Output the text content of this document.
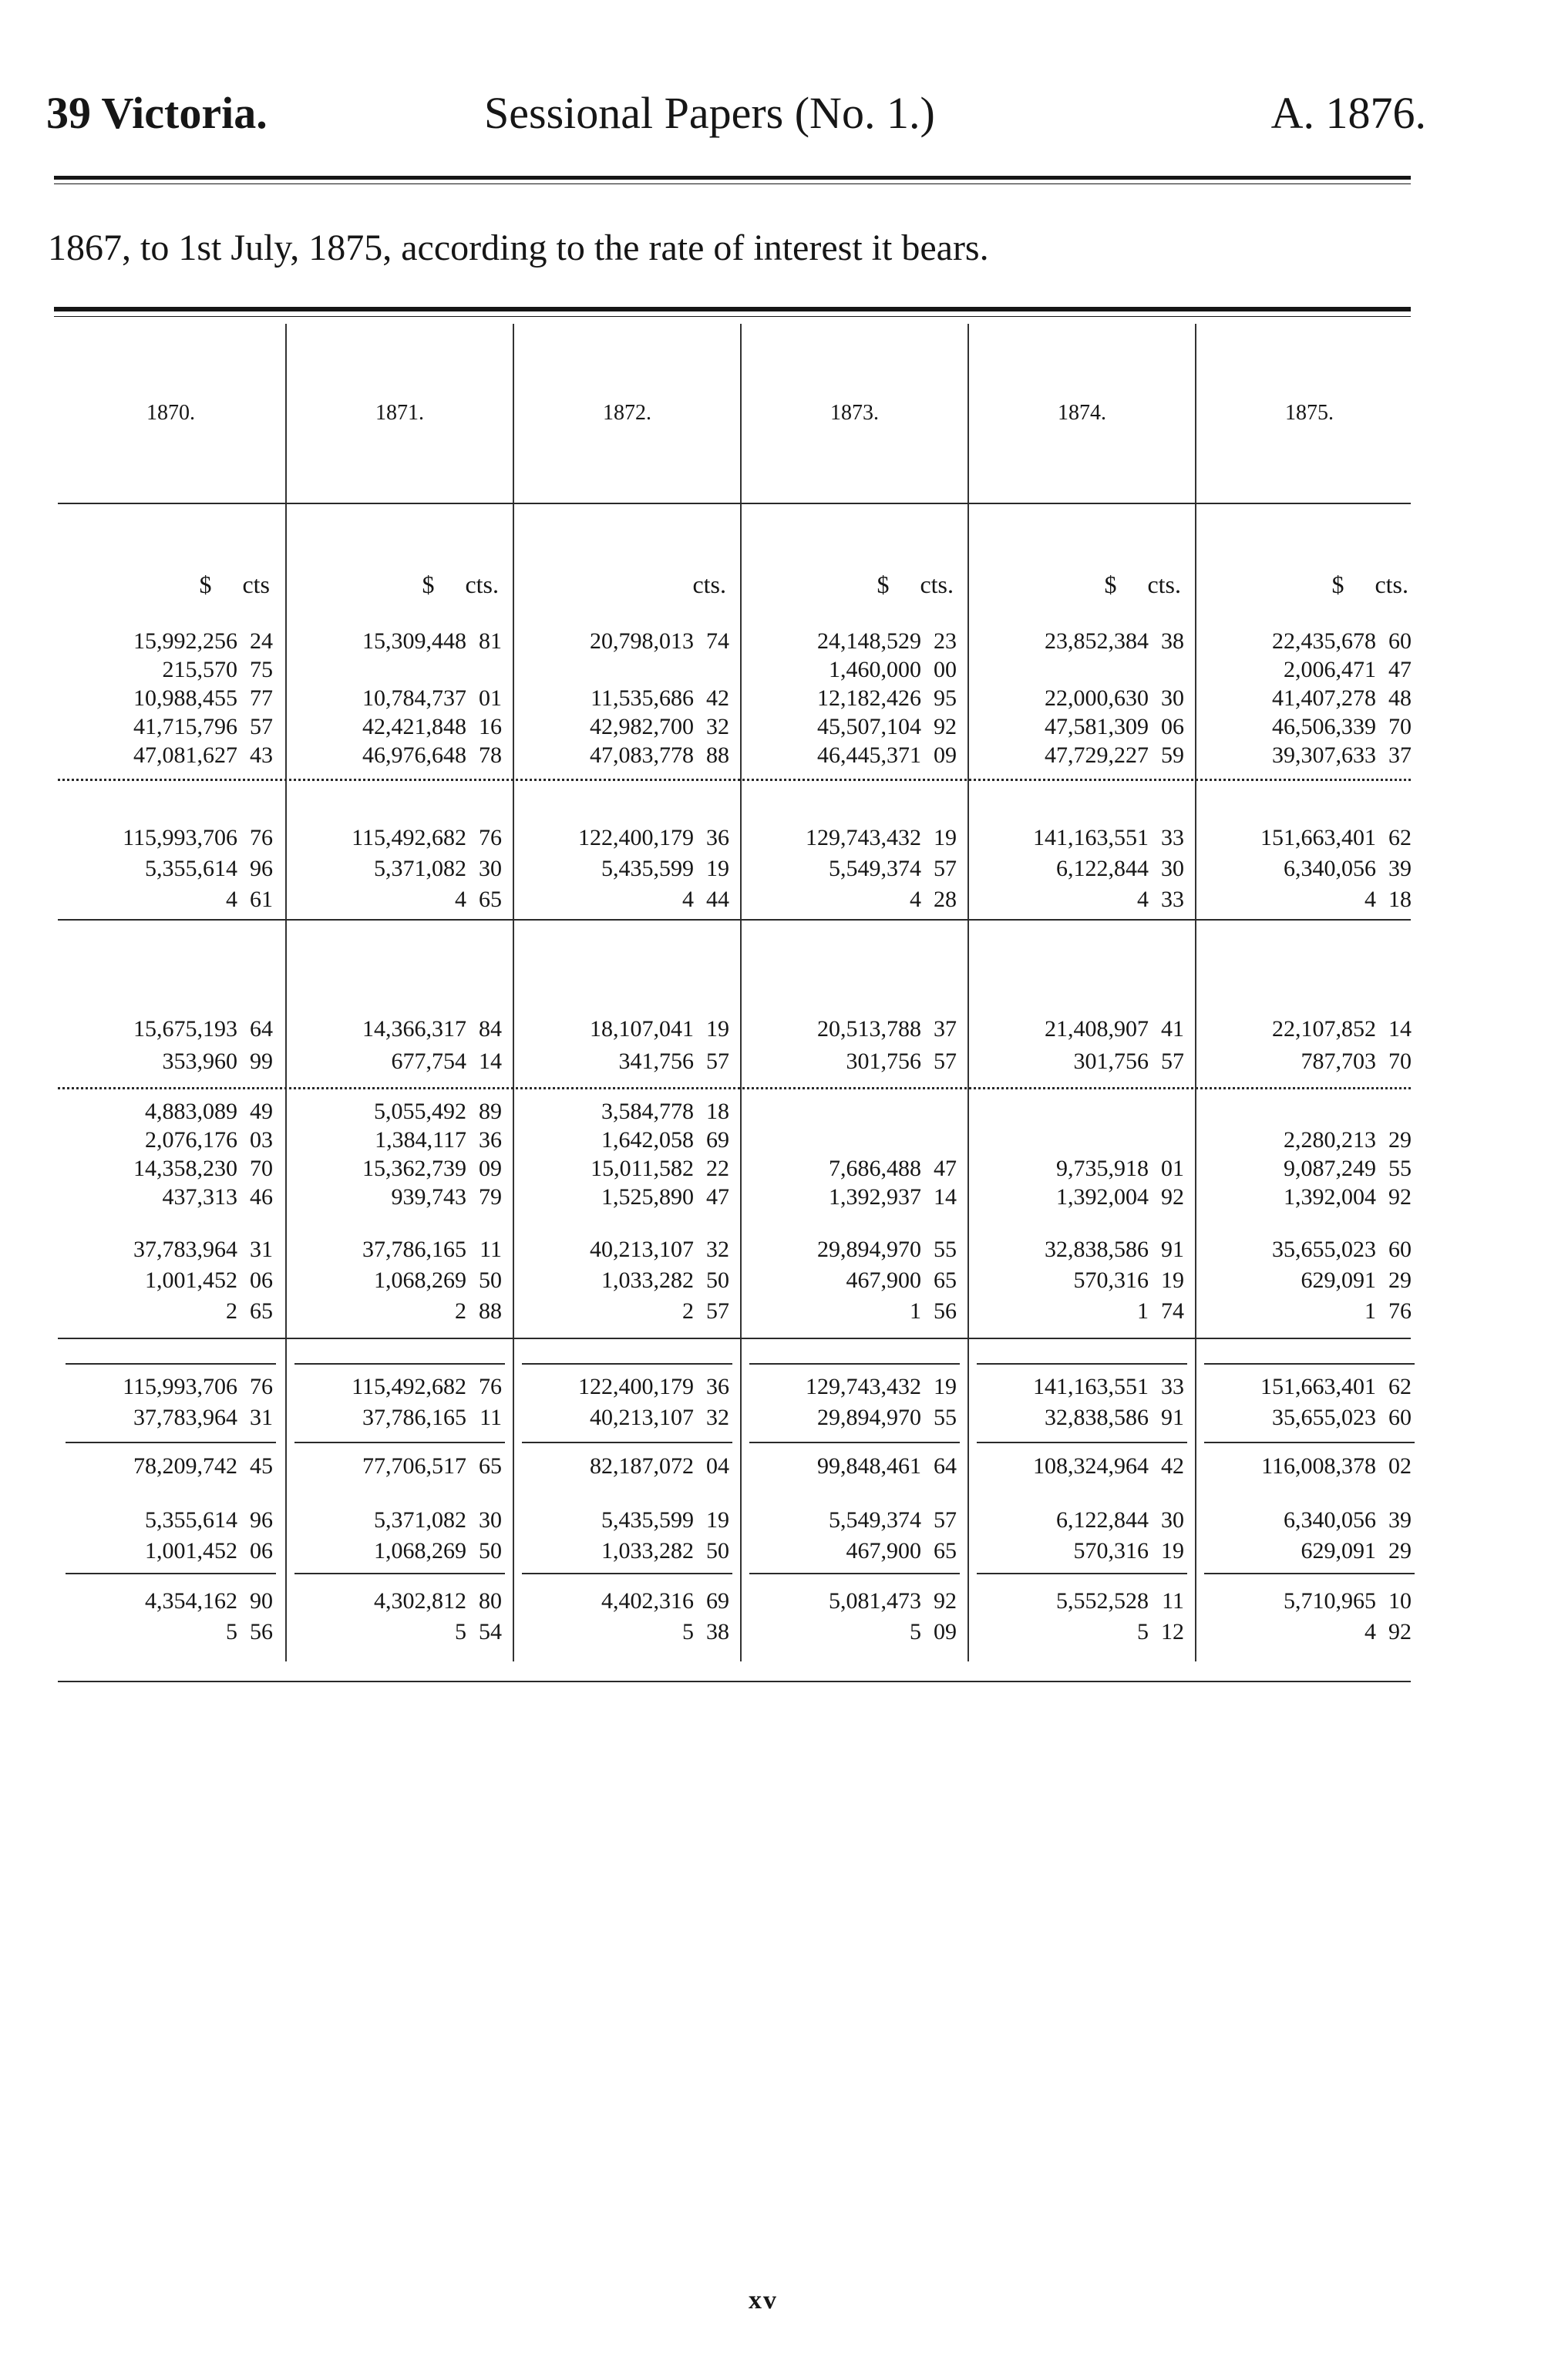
39 Victoria.	Sessional Papers (No. 1.)	A. 1876.
1867, to 1st July, 1875, according to the rate of interest it bears.
1870.
$ cts
15,992,256 24
215,570 75
10,988,455 77
41,715,796 57
47,081,627 43
115,993,706 76
5,355,614 96
4 61
15,675,193 64
353,960 99
4,883,089 49
2,076,176 03
14,358,230 70
437,313 46
37,783,964 31
1,001,452 06
2 65
115,993,706 76
37,783,964 31
78,209,742 45
5,355,614 96
1,001,452 06
4,354,162 90
5 56
1871.
$ cts.
15,309,448 81
10,784,737 01
42,421,848 16
46,976,648 78
115,492,682 76
5,371,082 30
4 65
14,366,317 84
677,754 14
5,055,492 89
1,384,117 36
15,362,739 09
939,743 79
37,786,165 11
1,068,269 50
2 88
115,492,682 76
37,786,165 11
77,706,517 65
5,371,082 30
1,068,269 50
4,302,812 80
5 54
1872.
cts.
20,798,013 74
11,535,686 42
42,982,700 32
47,083,778 88
122,400,179 36
5,435,599 19
4 44
18,107,041 19
341,756 57
3,584,778 18
1,642,058 69
15,011,582 22
1,525,890 47
40,213,107 32
1,033,282 50
2 57
122,400,179 36
40,213,107 32
82,187,072 04
5,435,599 19
1,033,282 50
4,402,316 69
5 38
1873.
$ cts.
24,148,529 23
1,460,000 00
12,182,426 95
45,507,104 92
46,445,371 09
129,743,432 19
5,549,374 57
4 28
20,513,788 37
301,756 57
7,686,488 47
1,392,937 14
29,894,970 55
467,900 65
1 56
129,743,432 19
29,894,970 55
99,848,461 64
5,549,374 57
467,900 65
5,081,473 92
5 09
1874.
$ cts.
23,852,384 38
22,000,630 30
47,581,309 06
47,729,227 59
141,163,551 33
6,122,844 30
4 33
21,408,907 41
301,756 57
9,735,918 01
1,392,004 92
32,838,586 91
570,316 19
1 74
141,163,551 33
32,838,586 91
108,324,964 42
6,122,844 30
570,316 19
5,552,528 11
5 12
1875.
$ cts.
22,435,678 60
2,006,471 47
41,407,278 48
46,506,339 70
39,307,633 37
151,663,401 62
6,340,056 39
4 18
22,107,852 14
787,703 70
2,280,213 29
9,087,249 55
1,392,004 92
35,655,023 60
629,091 29
1 76
151,663,401 62
35,655,023 60
116,008,378 02
6,340,056 39
629,091 29
5,710,965 10
4 92
xv
